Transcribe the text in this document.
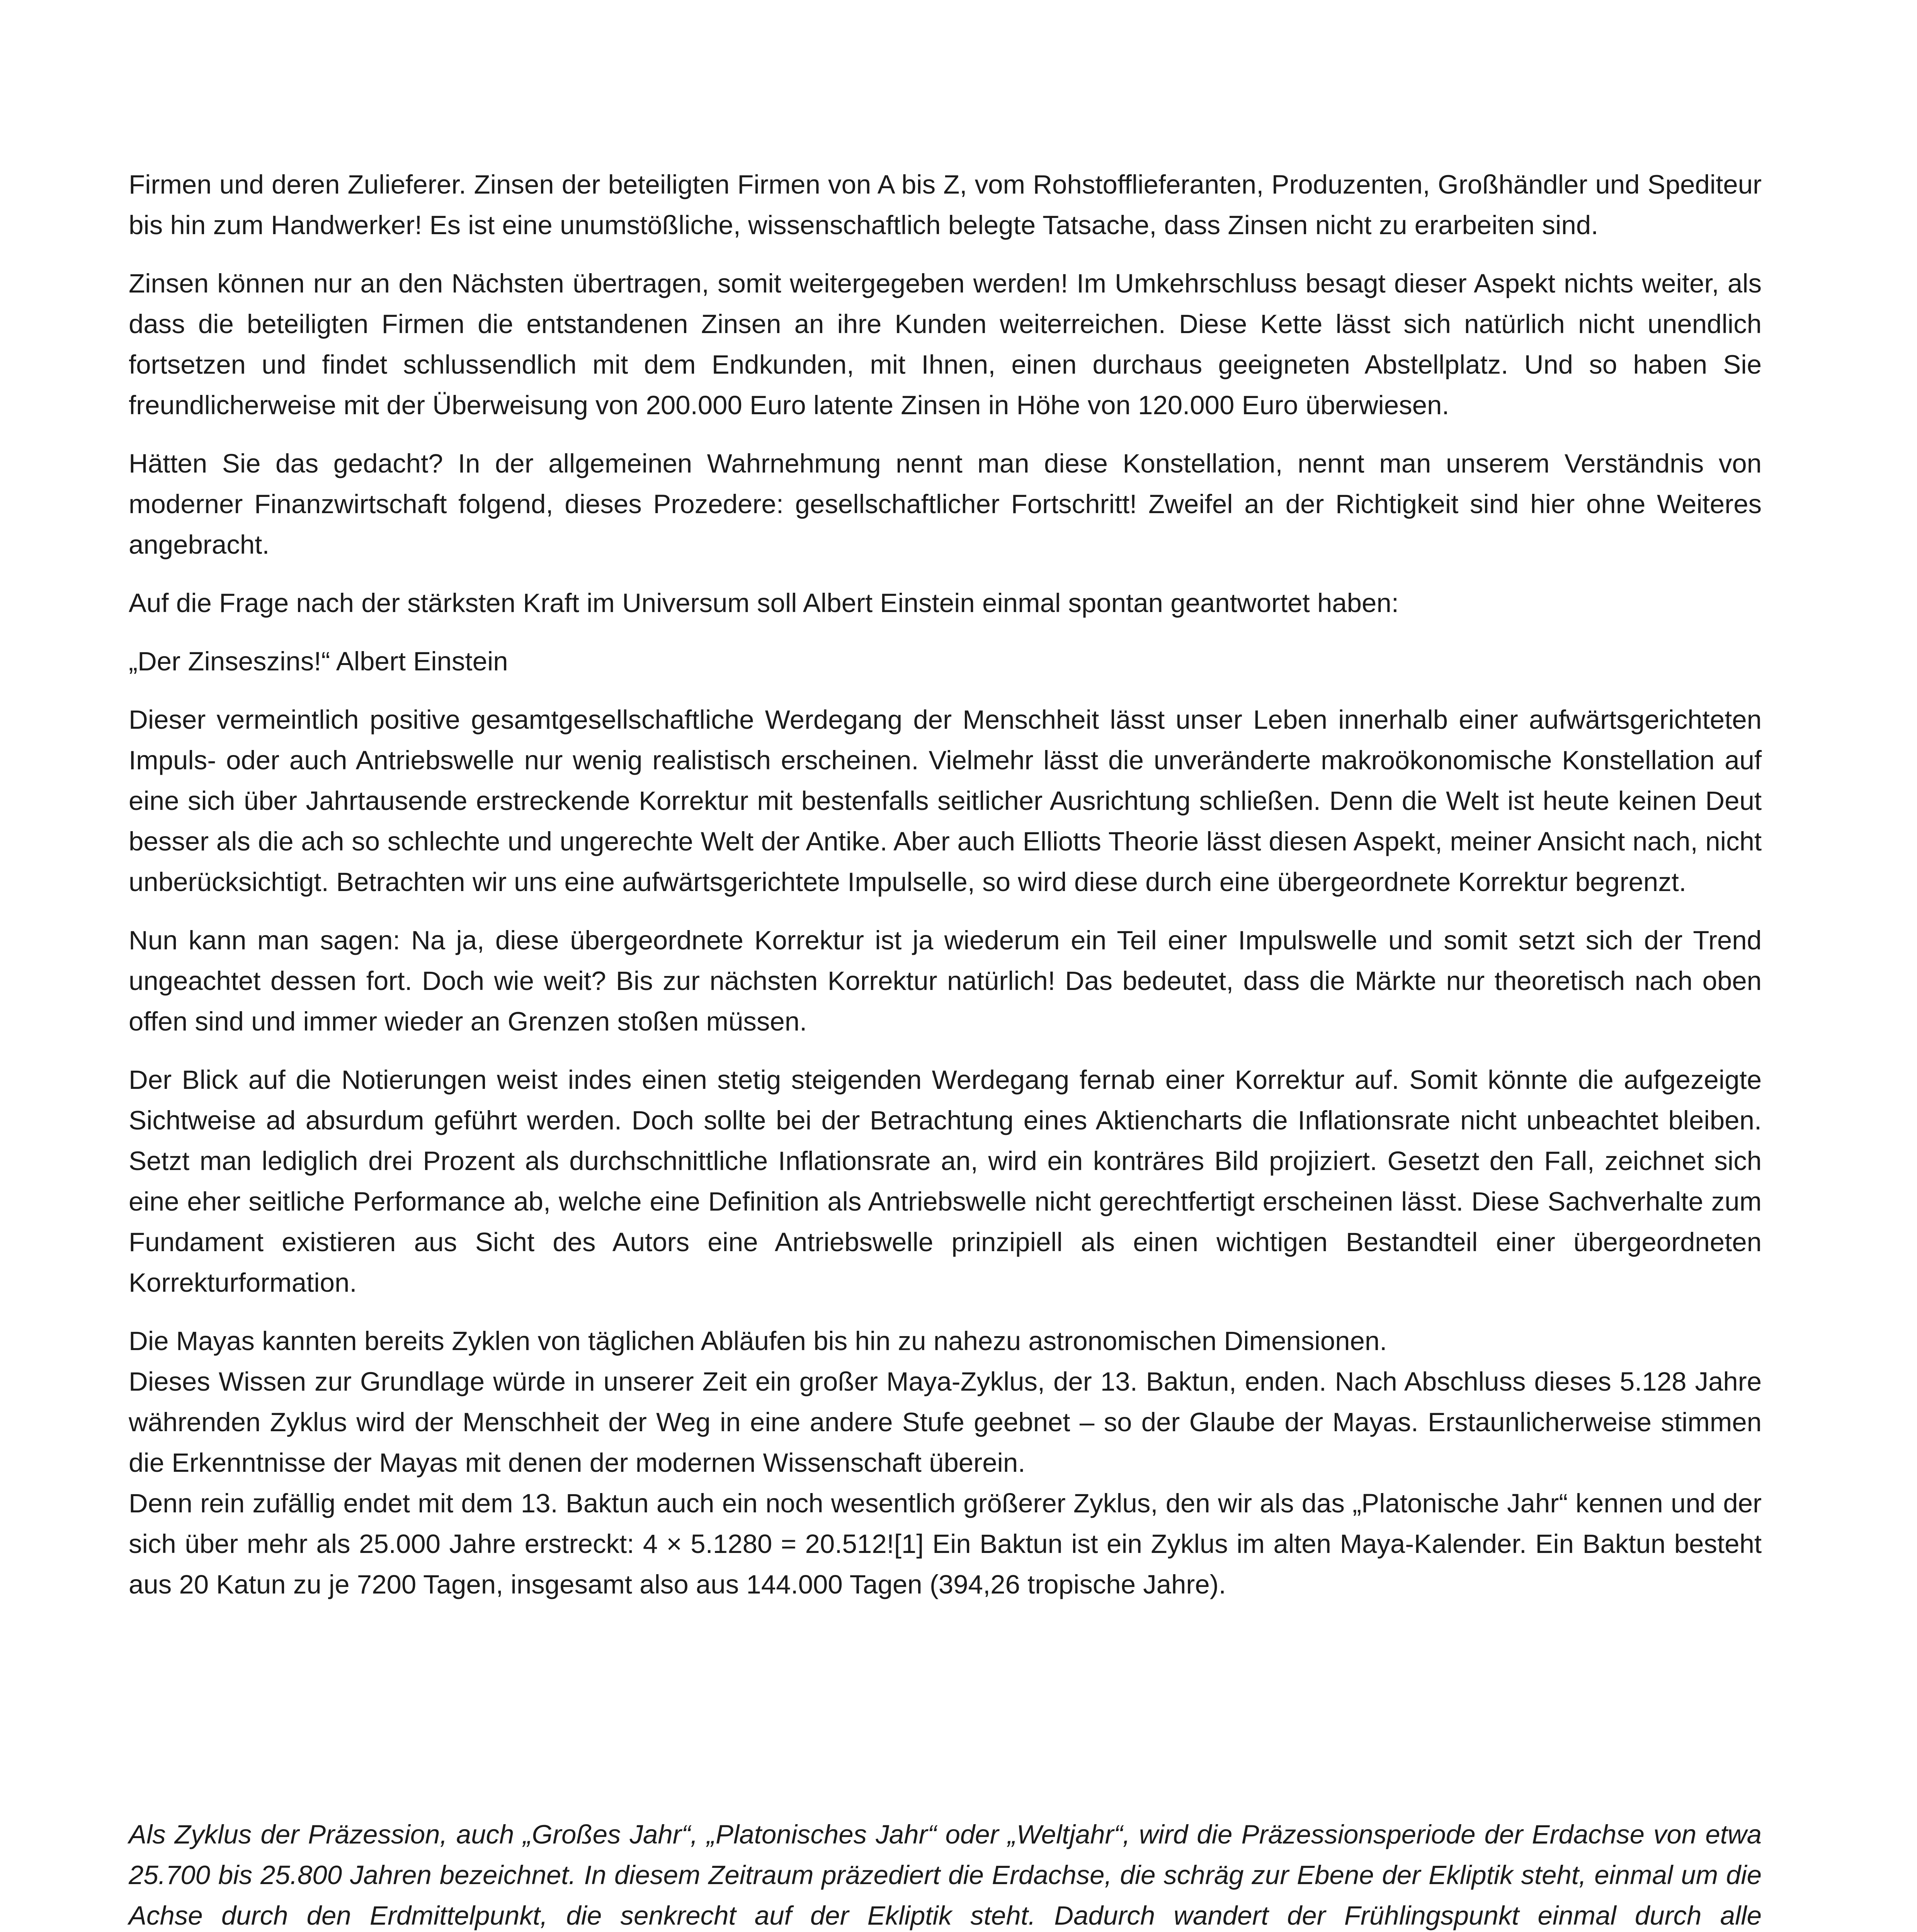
Firmen und deren Zulieferer. Zinsen der beteiligten Firmen von A bis Z, vom Rohstofflieferanten, Produzenten, Großhändler und Spediteur bis hin zum Handwerker! Es ist eine unumstößliche, wissenschaftlich belegte Tatsache, dass Zinsen nicht zu erarbeiten sind.

Zinsen können nur an den Nächsten übertragen, somit weitergegeben werden! Im Umkehrschluss besagt dieser Aspekt nichts weiter, als dass die beteiligten Firmen die entstandenen Zinsen an ihre Kunden weiterreichen. Diese Kette lässt sich natürlich nicht unendlich fortsetzen und findet schlussendlich mit dem Endkunden, mit Ihnen, einen durchaus geeigneten Abstellplatz. Und so haben Sie freundlicherweise mit der Überweisung von 200.000 Euro latente Zinsen in Höhe von 120.000 Euro überwiesen.

Hätten Sie das gedacht? In der allgemeinen Wahrnehmung nennt man diese Konstellation, nennt man unserem Verständnis von moderner Finanzwirtschaft folgend, dieses Prozedere: gesellschaftlicher Fortschritt! Zweifel an der Richtigkeit sind hier ohne Weiteres angebracht.

Auf die Frage nach der stärksten Kraft im Universum soll Albert Einstein einmal spontan geantwortet haben:

„Der Zinseszins!“ Albert Einstein

Dieser vermeintlich positive gesamtgesellschaftliche Werdegang der Menschheit lässt unser Leben innerhalb einer aufwärtsgerichteten Impuls- oder auch Antriebswelle nur wenig realistisch erscheinen. Vielmehr lässt die unveränderte makroökonomische Konstellation auf eine sich über Jahrtausende erstreckende Korrektur mit bestenfalls seitlicher Ausrichtung schließen. Denn die Welt ist heute keinen Deut besser als die ach so schlechte und ungerechte Welt der Antike. Aber auch Elliotts Theorie lässt diesen Aspekt, meiner Ansicht nach, nicht unberücksichtigt. Betrachten wir uns eine aufwärtsgerichtete Impulselle, so wird diese durch eine übergeordnete Korrektur begrenzt.

Nun kann man sagen: Na ja, diese übergeordnete Korrektur ist ja wiederum ein Teil einer Impulswelle und somit setzt sich der Trend ungeachtet dessen fort. Doch wie weit? Bis zur nächsten Korrektur natürlich! Das bedeutet, dass die Märkte nur theoretisch nach oben offen sind und immer wieder an Grenzen stoßen müssen.

Der Blick auf die Notierungen weist indes einen stetig steigenden Werdegang fernab einer Korrektur auf. Somit könnte die aufgezeigte Sichtweise ad absurdum geführt werden. Doch sollte bei der Betrachtung eines Aktiencharts die Inflationsrate nicht unbeachtet bleiben. Setzt man lediglich drei Prozent als durchschnittliche Inflationsrate an, wird ein konträres Bild projiziert. Gesetzt den Fall, zeichnet sich eine eher seitliche Performance ab, welche eine Definition als Antriebswelle nicht gerechtfertigt erscheinen lässt. Diese Sachverhalte zum Fundament existieren aus Sicht des Autors eine Antriebswelle prinzipiell als einen wichtigen Bestandteil einer übergeordneten Korrekturformation.

Die Mayas kannten bereits Zyklen von täglichen Abläufen bis hin zu nahezu astronomischen Dimensionen.

Dieses Wissen zur Grundlage würde in unserer Zeit ein großer Maya-Zyklus, der 13. Baktun, enden. Nach Abschluss dieses 5.128 Jahre währenden Zyklus wird der Menschheit der Weg in eine andere Stufe geebnet – so der Glaube der Mayas. Erstaunlicherweise stimmen die Erkenntnisse der Mayas mit denen der modernen Wissenschaft überein.

Denn rein zufällig endet mit dem 13. Baktun auch ein noch wesentlich größerer Zyklus, den wir als das „Platonische Jahr“ kennen und der sich über mehr als 25.000 Jahre erstreckt: 4 × 5.1280 = 20.512![1] Ein Baktun ist ein Zyklus im alten Maya-Kalender. Ein Baktun besteht aus 20 Katun zu je 7200 Tagen, insgesamt also aus 144.000 Tagen (394,26 tropische Jahre).

Als Zyklus der Präzession, auch „Großes Jahr“, „Platonisches Jahr“ oder „Weltjahr“, wird die Präzessionsperiode der Erdachse von etwa 25.700 bis 25.800 Jahren bezeichnet. In diesem Zeitraum präzediert die Erdachse, die schräg zur Ebene der Ekliptik steht, einmal um die Achse durch den Erdmittelpunkt, die senkrecht auf der Ekliptik steht. Dadurch wandert der Frühlingspunkt einmal durch alle
